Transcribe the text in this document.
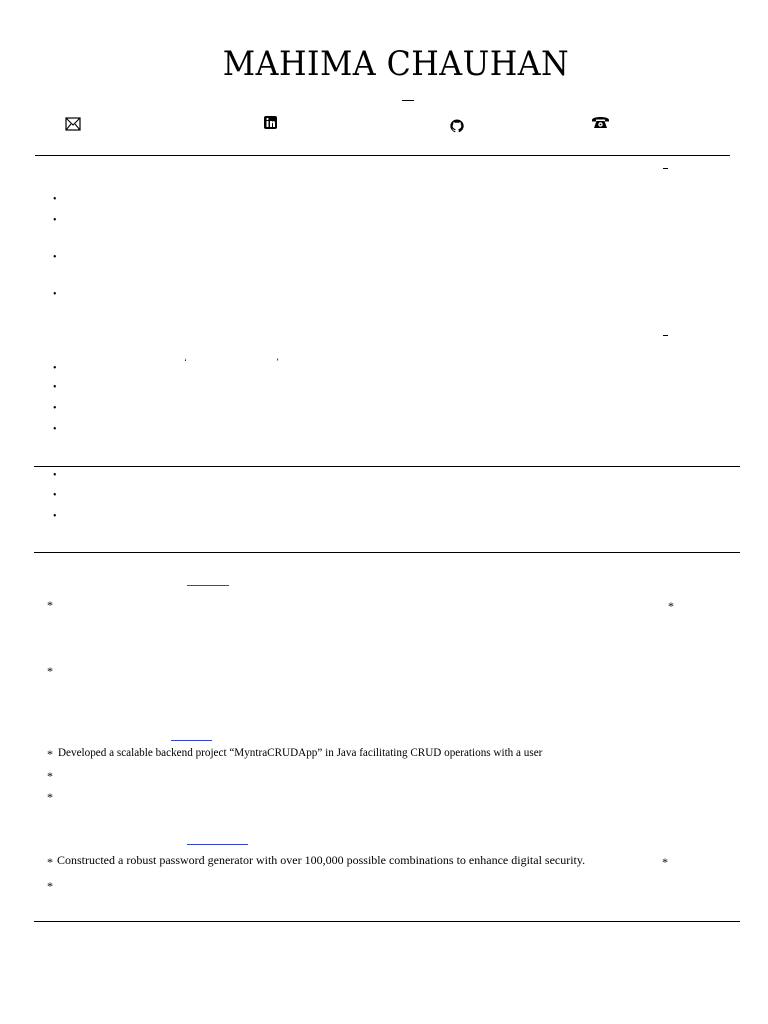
MAHIMA CHAUHAN
•
•
•
•
‘	’
•
•
•
•
•
•
•
*	*
*
* Developed a scalable backend project “MyntraCRUDApp” in Java facilitating CRUD operations with a user
*
*
* Constructed a robust password generator with over 100,000 possible combinations to enhance digital security.	*
*
